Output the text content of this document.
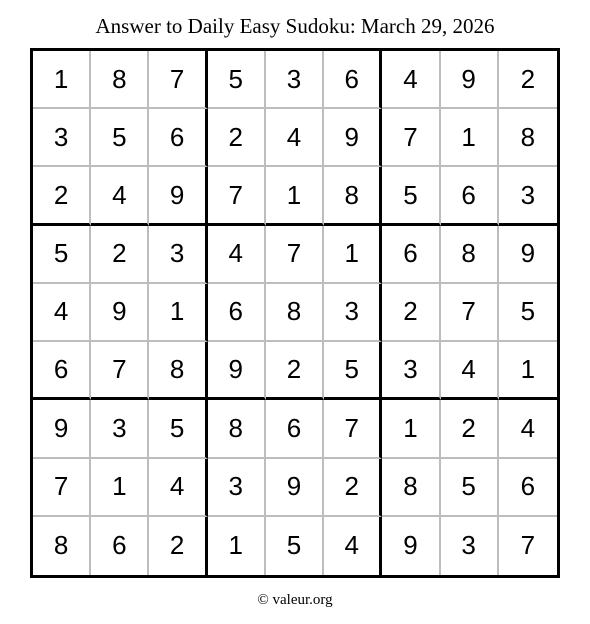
Answer to Daily Easy Sudoku: March 29, 2026
1	8	7	5	3	6	4	9	2
3	5	6	2	4	9	7	1	8
2	4	9	7	1	8	5	6	3
5	2	3	4	7	1	6	8	9
4	9	1	6	8	3	2	7	5
6	7	8	9	2	5	3	4	1
9	3	5	8	6	7	1	2	4
7	1	4	3	9	2	8	5	6
8	6	2	1	5	4	9	3	7
© valeur.org
